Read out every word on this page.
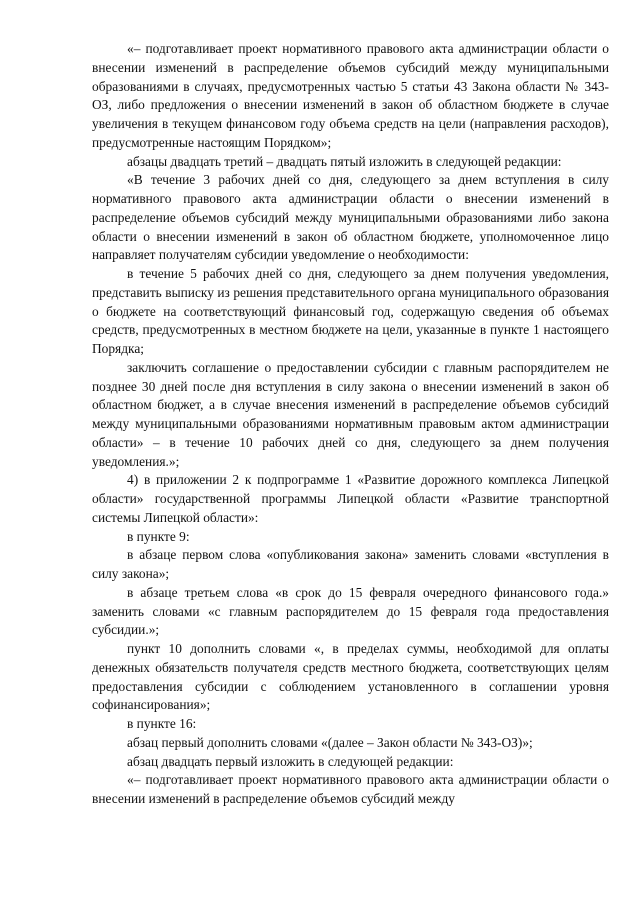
«– подготавливает проект нормативного правового акта администрации области о внесении изменений в распределение объемов субсидий между муниципальными образованиями в случаях, предусмотренных частью 5 статьи 43 Закона области № 343-ОЗ, либо предложения о внесении изменений в закон об областном бюджете в случае увеличения в текущем финансовом году объема средств на цели (направления расходов), предусмотренные настоящим Порядком»;

абзацы двадцать третий – двадцать пятый изложить в следующей редакции:

«В течение 3 рабочих дней со дня, следующего за днем вступления в силу нормативного правового акта администрации области о внесении изменений в распределение объемов субсидий между муниципальными образованиями либо закона области о внесении изменений в закон об областном бюджете, уполномоченное лицо направляет получателям субсидии уведомление о необходимости:

в течение 5 рабочих дней со дня, следующего за днем получения уведомления, представить выписку из решения представительного органа муниципального образования о бюджете на соответствующий финансовый год, содержащую сведения об объемах средств, предусмотренных в местном бюджете на цели, указанные в пункте 1 настоящего Порядка;

заключить соглашение о предоставлении субсидии с главным распорядителем не позднее 30 дней после дня вступления в силу закона о внесении изменений в закон об областном бюджет, а в случае внесения изменений в распределение объемов субсидий между муниципальными образованиями нормативным правовым актом администрации области» – в течение 10 рабочих дней со дня, следующего за днем получения уведомления.»;

4) в приложении 2 к подпрограмме 1 «Развитие дорожного комплекса Липецкой области» государственной программы Липецкой области «Развитие транспортной системы Липецкой области»:

в пункте 9:

в абзаце первом слова «опубликования закона» заменить словами «вступления в силу закона»;

в абзаце третьем слова «в срок до 15 февраля очередного финансового года.» заменить словами «с главным распорядителем до 15 февраля года предоставления субсидии.»;

пункт 10 дополнить словами «, в пределах суммы, необходимой для оплаты денежных обязательств получателя средств местного бюджета, соответствующих целям предоставления субсидии с соблюдением установленного в соглашении уровня софинансирования»;

в пункте 16:

абзац первый дополнить словами «(далее – Закон области № 343-ОЗ)»;

абзац двадцать первый изложить в следующей редакции:

«– подготавливает проект нормативного правового акта администрации области о внесении изменений в распределение объемов субсидий между
